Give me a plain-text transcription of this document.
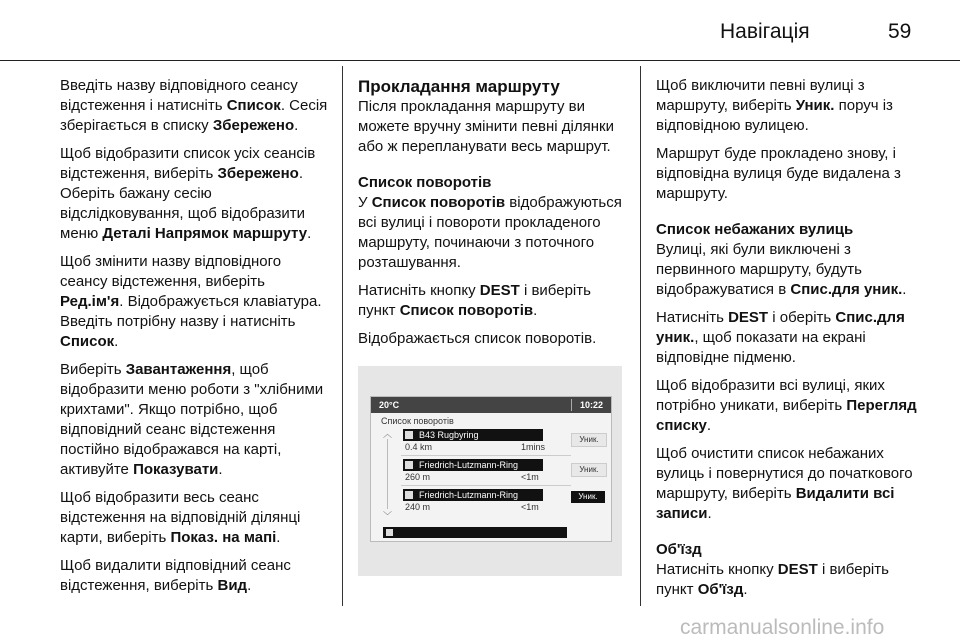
Навігація	59

Введіть назву відповідного сеансу відстеження і натисніть Список. Сесія зберігається в списку Збережено.

Щоб відобразити список усіх сеансів відстеження, виберіть Збережено. Оберіть бажану сесію відслідковування, щоб відобразити меню Деталі Напрямок маршруту.

Щоб змінити назву відповідного сеансу відстеження, виберіть Ред.ім'я. Відображується клавіатура. Введіть потрібну назву і натисніть Список.

Виберіть Завантаження, щоб відобразити меню роботи з "хлібними крихтами". Якщо потрібно, щоб відповідний сеанс відстеження постійно відображався на карті, активуйте Показувати.

Щоб відобразити весь сеанс відстеження на відповідній ділянці карти, виберіть Показ. на мапі.

Щоб видалити відповідний сеанс відстеження, виберіть Вид.

Прокладання маршруту

Після прокладання маршруту ви можете вручну змінити певні ділянки або ж перепланувати весь маршрут.

Список поворотів

У Список поворотів відображуються всі вулиці і повороти прокладеного маршруту, починаючи з поточного розташування.

Натисніть кнопку DEST і виберіть пункт Список поворотів.

Відображається список поворотів.

20°C	10:22
Список поворотів
︿
﹀
B43 Rugbyring
0.4 km	1mins
Уник.
Friedrich-Lutzmann-Ring
260 m	<1m
Уник.
Friedrich-Lutzmann-Ring
240 m	<1m
Уник.

Щоб виключити певні вулиці з маршруту, виберіть Уник. поруч із відповідною вулицею.

Маршрут буде прокладено знову, і відповідна вулиця буде видалена з маршруту.

Список небажаних вулиць

Вулиці, які були виключені з первинного маршруту, будуть відображуватися в Спис.для уник..

Натисніть DEST і оберіть Спис.для уник., щоб показати на екрані відповідне підменю.

Щоб відобразити всі вулиці, яких потрібно уникати, виберіть Перегляд списку.

Щоб очистити список небажаних вулиць і повернутися до початкового маршруту, виберіть Видалити всі записи.

Об'їзд

Натисніть кнопку DEST і виберіть пункт Об'їзд.

carmanualsonline.info
